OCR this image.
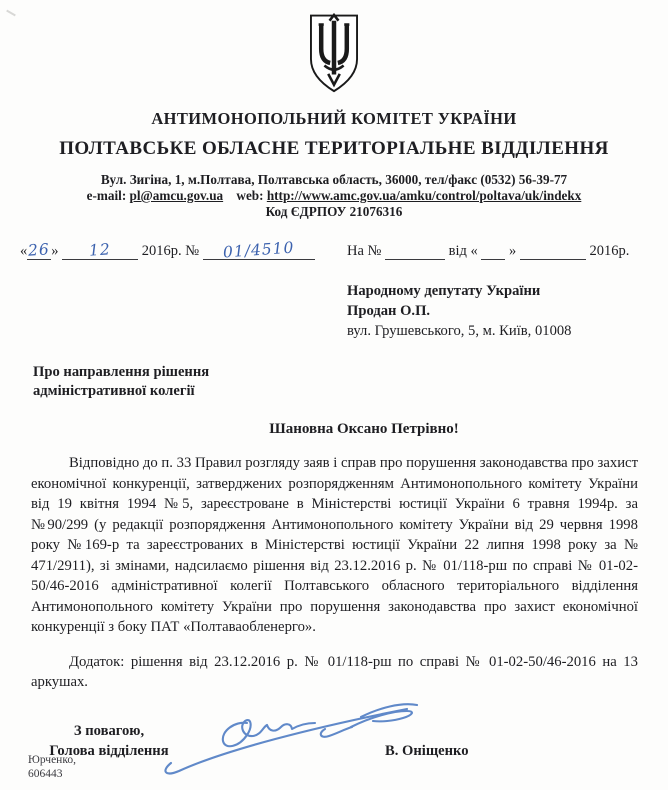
АНТИМОНОПОЛЬНИЙ КОМІТЕТ УКРАЇНИ
ПОЛТАВСЬКЕ ОБЛАСНЕ ТЕРИТОРІАЛЬНЕ ВІДДІЛЕННЯ
Вул. Зигіна, 1, м.Полтава, Полтавська область, 36000, тел/факс (0532) 56-39-77
e-mail: pl@amcu.gov.ua web: http://www.amc.gov.ua/amku/control/poltava/uk/indekx
Код ЄДРПОУ 21076316
«26» 12 2016р. № 01/4510	На №	від « »	2016р.
Народному депутату України
Продан О.П.
вул. Грушевського, 5, м. Київ, 01008
Про направлення рішення
адміністративної колегії
Шановна Оксано Петрівно!

Відповідно до п. 33 Правил розгляду заяв і справ про порушення законодавства про захист економічної конкуренції, затверджених розпорядженням Антимонопольного комітету України від 19 квітня 1994 №5, зареєстроване в Міністерстві юстиції України 6 травня 1994р. за №90/299 (у редакції розпорядження Антимонопольного комітету України від 29 червня 1998 року №169-р та зареєстрованих в Міністерстві юстиції України 22 липня 1998 року за № 471/2911), зі змінами, надсилаємо рішення від 23.12.2016 р. № 01/118-рш по справі № 01-02-50/46-2016 адміністративної колегії Полтавського обласного територіального відділення Антимонопольного комітету України про порушення законодавства про захист економічної конкуренції з боку ПАТ «Полтаваобленерго».

Додаток: рішення від 23.12.2016 р. № 01/118-рш по справі № 01-02-50/46-2016 на 13 аркушах.

З повагою,
Голова відділення	В. Оніщенко
Юрченко,
606443
